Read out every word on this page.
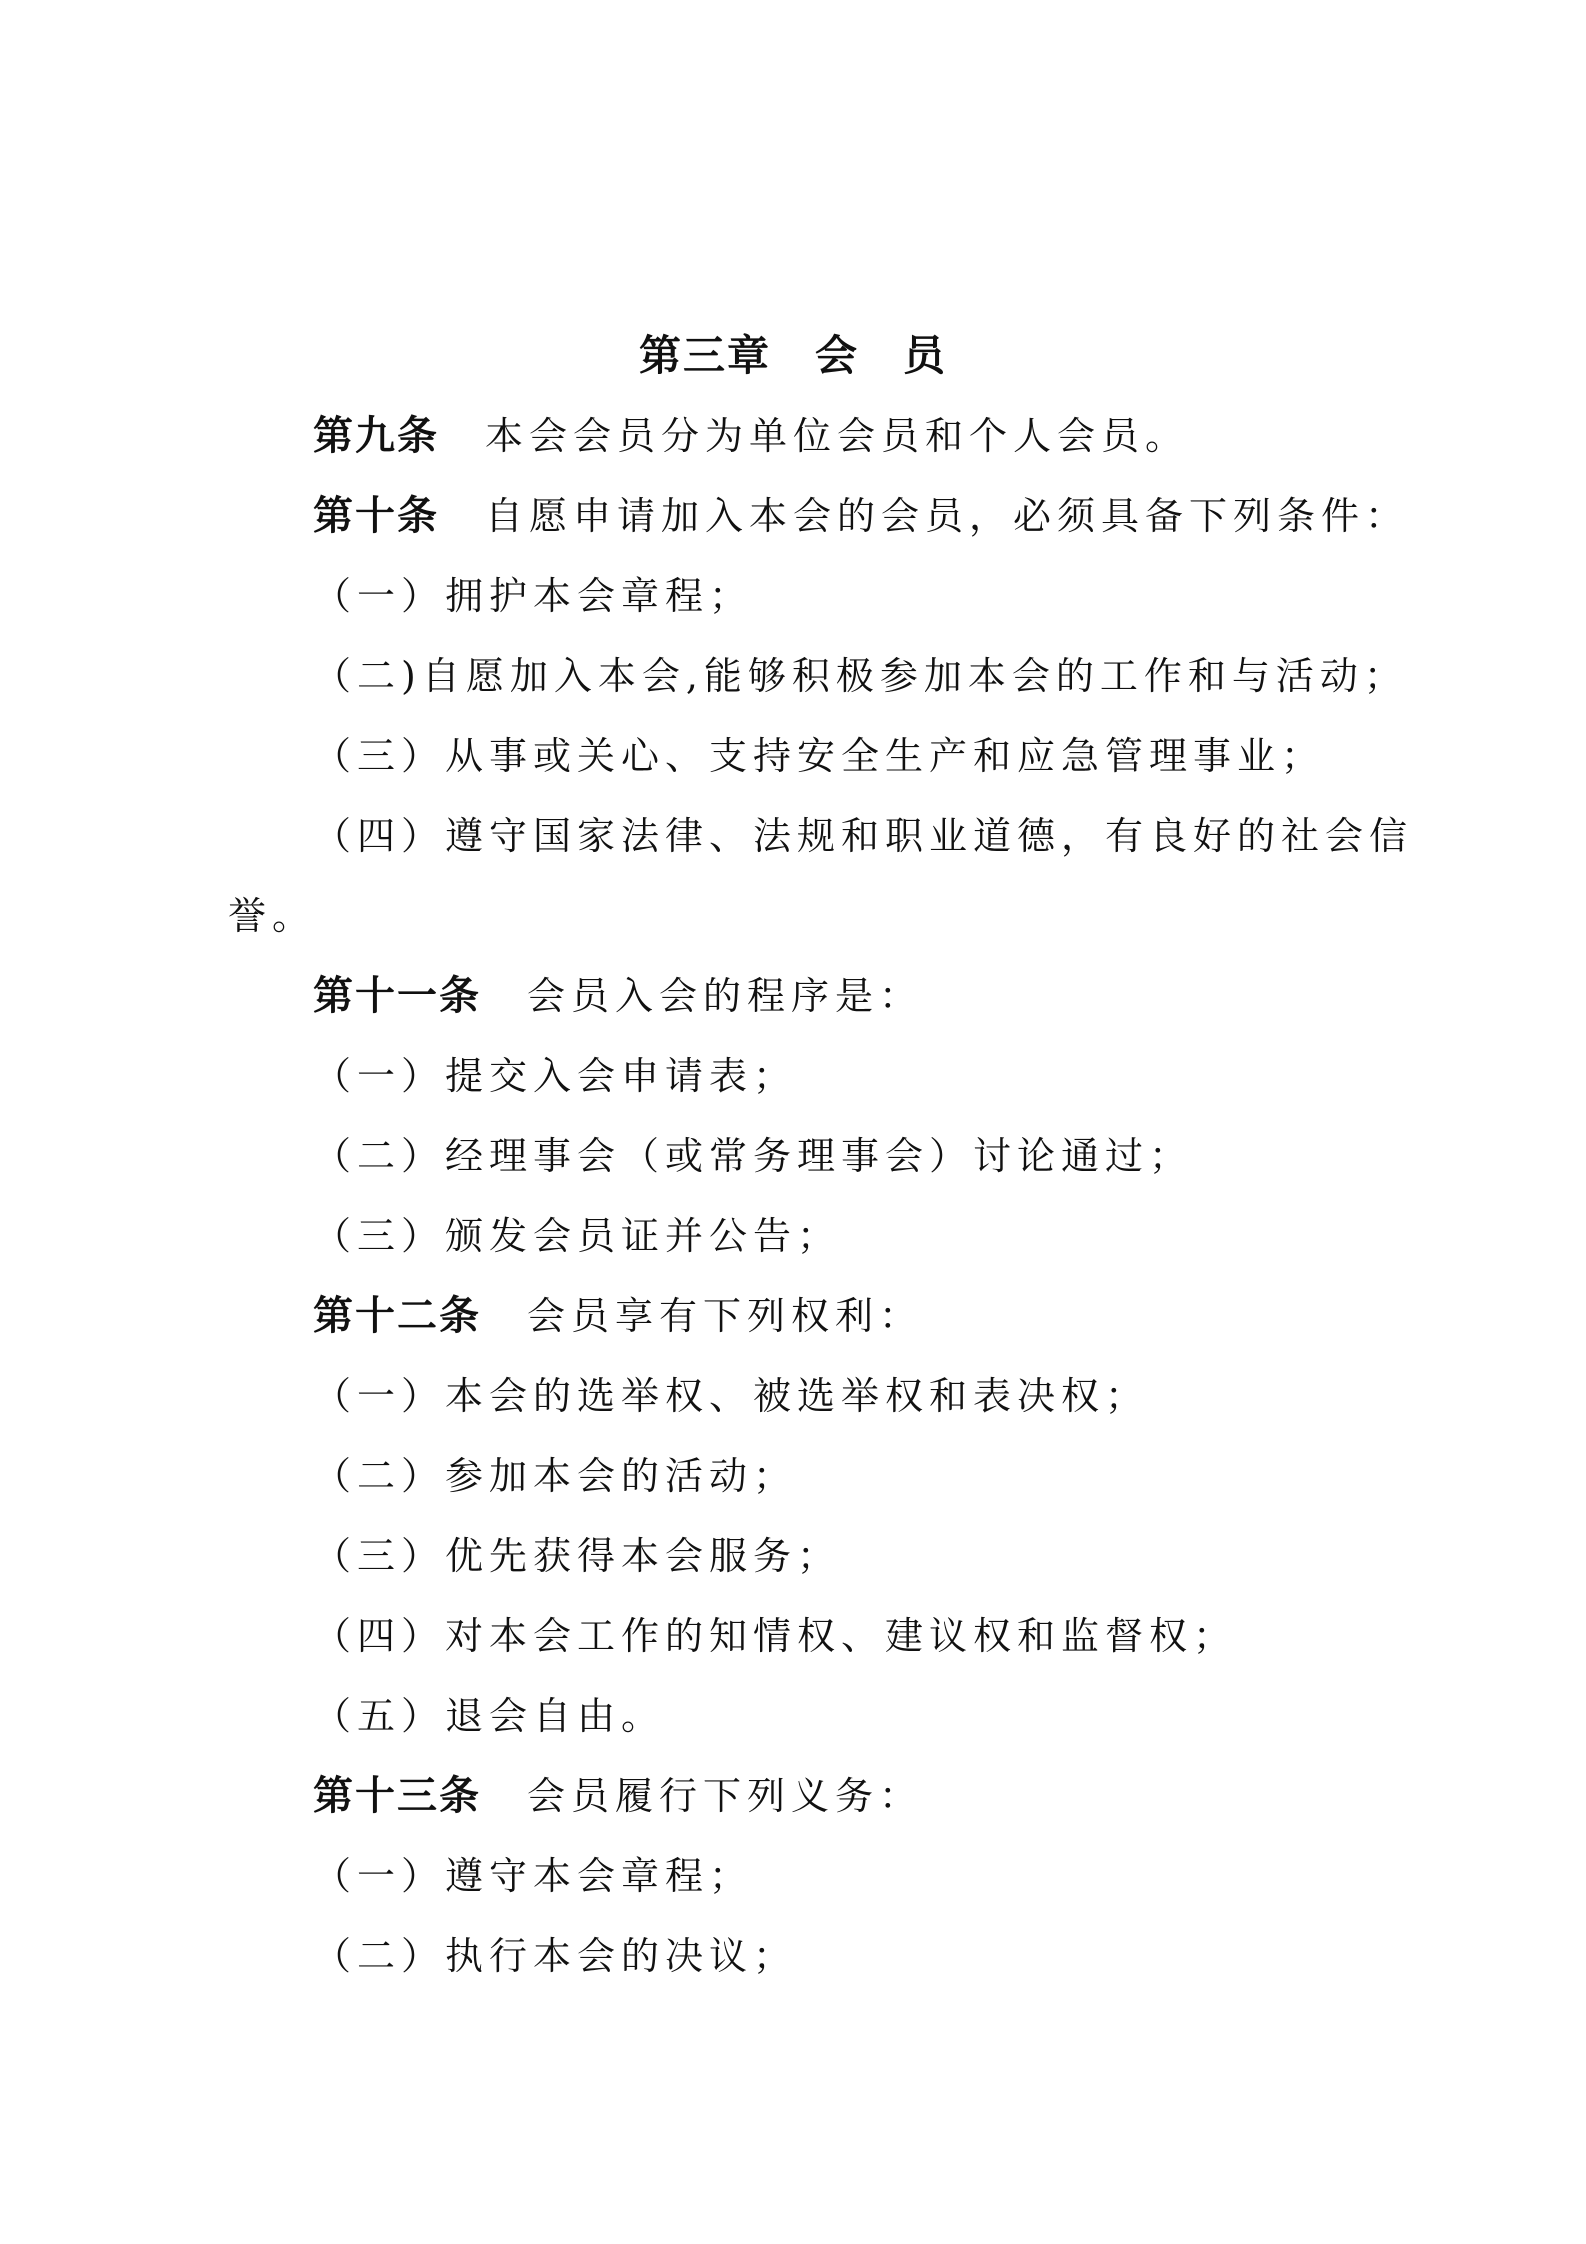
第三章　会　员
第九条 本会会员分为单位会员和个人会员。
第十条 自愿申请加入本会的会员，必须具备下列条件：
（一）拥护本会章程；
（二)自愿加入本会,能够积极参加本会的工作和与活动；
（三）从事或关心、支持安全生产和应急管理事业；
（四）遵守国家法律、法规和职业道德，有良好的社会信
誉。
第十一条 会员入会的程序是：
（一）提交入会申请表；
（二）经理事会（或常务理事会）讨论通过；
（三）颁发会员证并公告；
第十二条 会员享有下列权利：
（一）本会的选举权、被选举权和表决权；
（二）参加本会的活动；
（三）优先获得本会服务；
（四）对本会工作的知情权、建议权和监督权；
（五）退会自由。
第十三条 会员履行下列义务：
（一）遵守本会章程；
（二）执行本会的决议；
